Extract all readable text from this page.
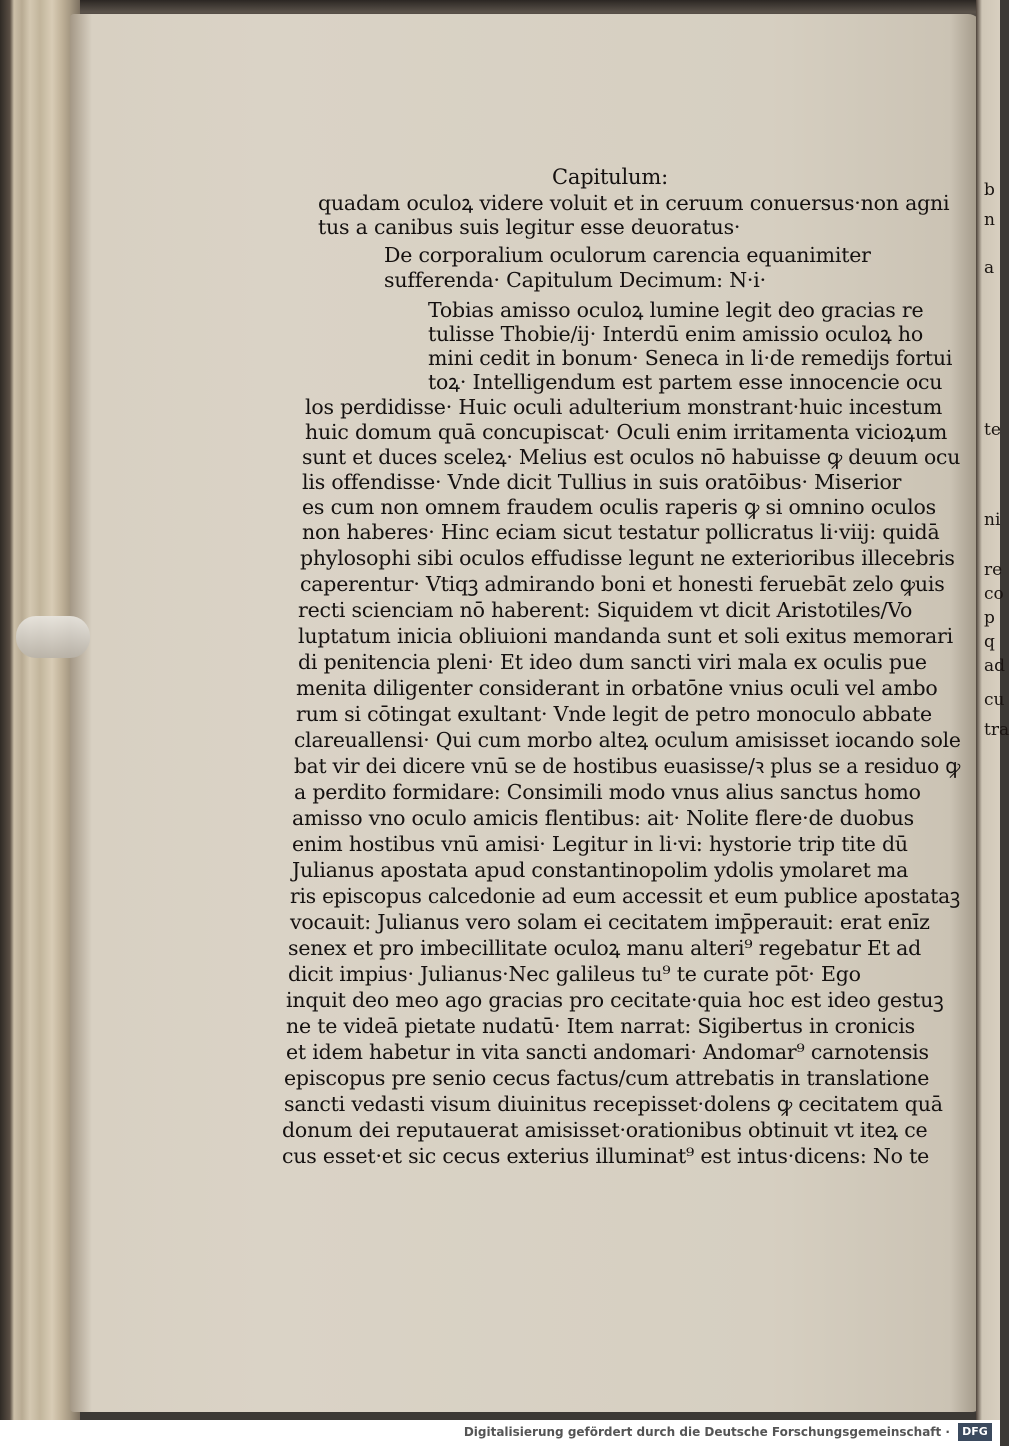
b
n
a
te
ni
re
co
p
q
ad
cu
tra
Capitulum:
quadam oculoꝝ videre voluit et in ceruum conuersus·non agni
tus a canibus suis legitur esse deuoratus·
De corporalium oculorum carencia equanimiter
sufferenda· Capitulum Decimum: N·i·
Tobias amisso oculoꝝ lumine legit deo gracias re
tulisse Thobie/ij· Interdū enim amissio oculoꝝ ho
mini cedit in bonum· Seneca in li·de remedijs fortui
toꝝ· Intelligendum est partem esse innocencie ocu
los perdidisse· Huic oculi adulterium monstrant·huic incestum
huic domum quā concupiscat· Oculi enim irritamenta vicioꝝum
sunt et duces sceleꝝ· Melius est oculos nō habuisse ꝙ deuum ocu
lis offendisse· Vnde dicit Tullius in suis oratōibus· Miserior
es cum non omnem fraudem oculis raperis ꝙ si omnino oculos
non haberes· Hinc eciam sicut testatur pollicratus li·viij: quidā
phylosophi sibi oculos effudisse legunt ne exterioribus illecebris
caperentur· Vtiqꝫ admirando boni et honesti feruebāt zelo ꝙuis
recti scienciam nō haberent: Siquidem vt dicit Aristotiles/Vo
luptatum inicia obliuioni mandanda sunt et soli exitus memorari
di penitencia pleni· Et ideo dum sancti viri mala ex oculis pue
menita diligenter considerant in orbatōne vnius oculi vel ambo
rum si cōtingat exultant· Vnde legit de petro monoculo abbate
clareuallensi· Qui cum morbo alteꝝ oculum amisisset iocando sole
bat vir dei dicere vnū se de hostibus euasisse/ꝛ plus se a residuo ꝙ
a perdito formidare: Consimili modo vnus alius sanctus homo
amisso vno oculo amicis flentibus: ait· Nolite flere·de duobus
enim hostibus vnū amisi· Legitur in li·vi: hystorie trip tite dū
Julianus apostata apud constantinopolim ydolis ymolaret ma
ris episcopus calcedonie ad eum accessit et eum publice apostataꝫ
vocauit: Julianus vero solam ei cecitatem imp̄perauit: erat enīz
senex et pro imbecillitate oculoꝝ manu alteri⁹ regebatur Et ad
dicit impius· Julianus·Nec galileus tu⁹ te curate pōt· Ego
inquit deo meo ago gracias pro cecitate·quia hoc est ideo gestuꝫ
ne te videā pietate nudatū· Item narrat: Sigibertus in cronicis
et idem habetur in vita sancti andomari· Andomar⁹ carnotensis
episcopus pre senio cecus factus/cum attrebatis in translatione
sancti vedasti visum diuinitus recepisset·dolens ꝙ cecitatem quā
donum dei reputauerat amisisset·orationibus obtinuit vt iteꝝ ce
cus esset·et sic cecus exterius illuminat⁹ est intus·dicens: No te
Digitalisierung gefördert durch die Deutsche Forschungsgemeinschaft ·	DFG
